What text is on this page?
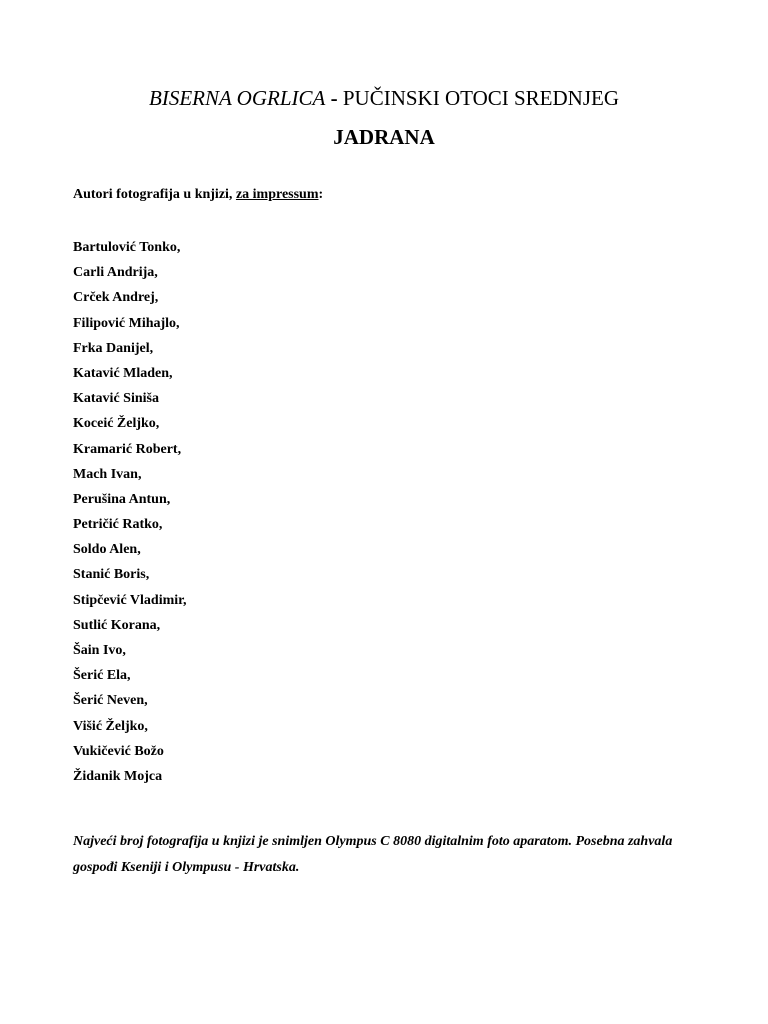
BISERNA OGRLICA - PUČINSKI OTOCI SREDNJEG
JADRANA
Autori fotografija u knjizi, za impressum:
Bartulović Tonko,
Carli Andrija,
Crček Andrej,
Filipović Mihajlo,
Frka Danijel,
Katavić Mladen,
Katavić Siniša
Koceić Željko,
Kramarić Robert,
Mach Ivan,
Perušina Antun,
Petričić Ratko,
Soldo Alen,
Stanić Boris,
Stipčević Vladimir,
Sutlić Korana,
Šain Ivo,
Šerić Ela,
Šerić Neven,
Višić Željko,
Vukičević Božo
Židanik Mojca

Najveći broj fotografija u knjizi je snimljen Olympus C 8080 digitalnim foto aparatom. Posebna zahvala gospođi Kseniji i Olympusu - Hrvatska.
